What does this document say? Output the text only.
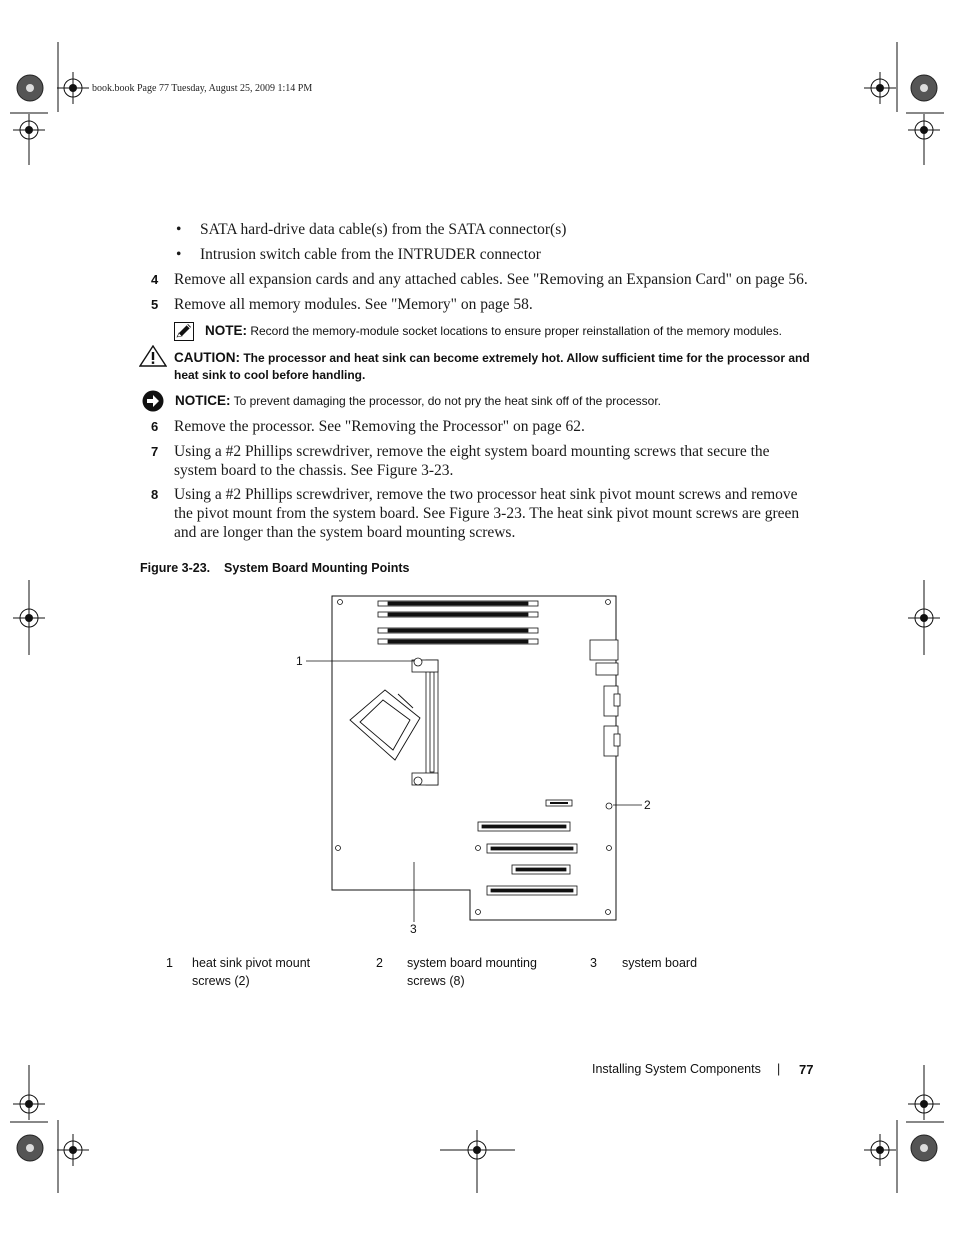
book.book Page 77 Tuesday, August 25, 2009 1:14 PM
• SATA hard-drive data cable(s) from the SATA connector(s)
• Intrusion switch cable from the INTRUDER connector
4 Remove all expansion cards and any attached cables. See "Removing an Expansion Card" on page 56.
5 Remove all memory modules. See "Memory" on page 58.
NOTE: Record the memory-module socket locations to ensure proper reinstallation of the memory modules.
CAUTION: The processor and heat sink can become extremely hot. Allow sufficient time for the processor and heat sink to cool before handling.
NOTICE: To prevent damaging the processor, do not pry the heat sink off of the processor.
6 Remove the processor. See "Removing the Processor" on page 62.
7 Using a #2 Phillips screwdriver, remove the eight system board mounting screws that secure the system board to the chassis. See Figure 3-23.
8 Using a #2 Phillips screwdriver, remove the two processor heat sink pivot mount screws and remove the pivot mount from the system board. See Figure 3-23. The heat sink pivot mount screws are green and are longer than the system board mounting screws.
Figure 3-23.    System Board Mounting Points
1
2
3
1 heat sink pivot mount screws (2)
2 system board mounting screws (8)
3 system board
Installing System Components | 77
